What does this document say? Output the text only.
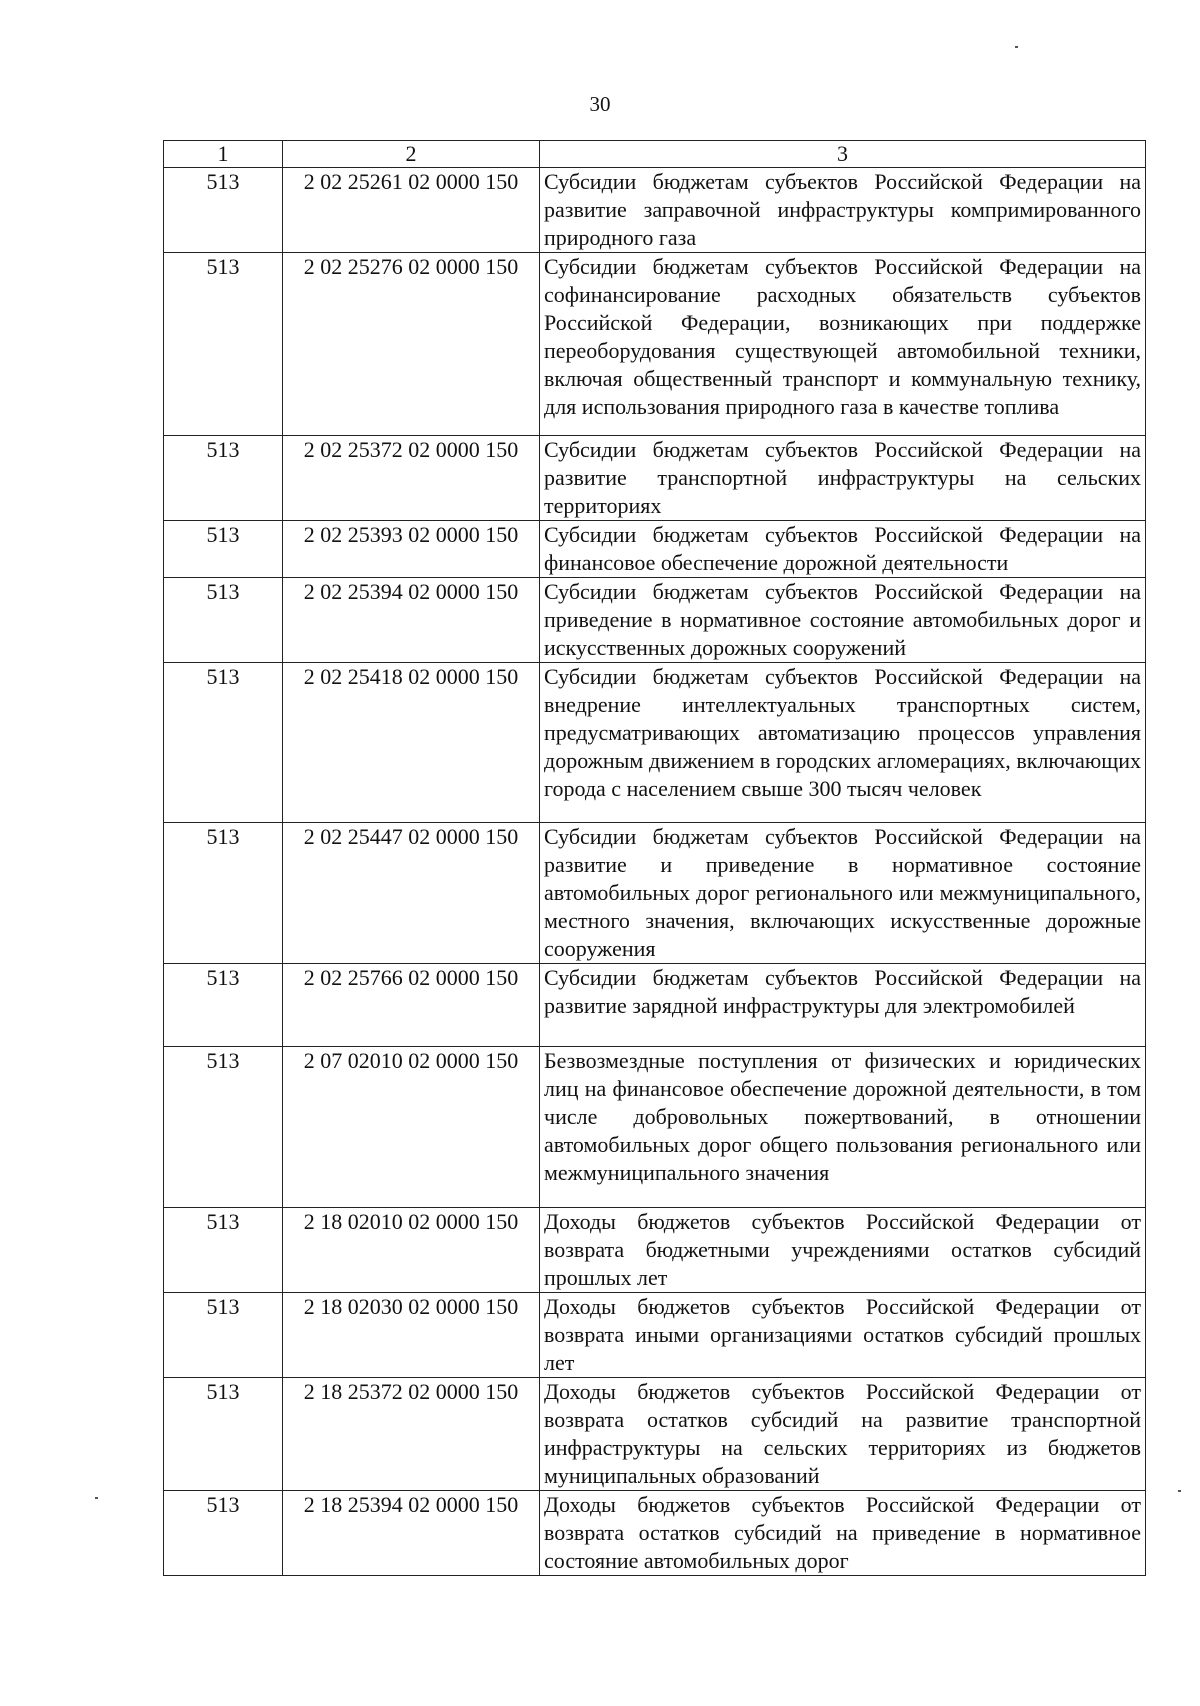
30
1	2	3
513	2 02 25261 02 0000 150	Субсидии бюджетам субъектов Российской Федерации на развитие заправочной инфраструктуры компримированного природного газа
513	2 02 25276 02 0000 150	Субсидии бюджетам субъектов Российской Федерации на софинансирование расходных обязательств субъектов Российской Федерации, возникающих при поддержке переоборудования существующей автомобильной техники, включая общественный транспорт и коммунальную технику, для использования природного газа в качестве топлива
513	2 02 25372 02 0000 150	Субсидии бюджетам субъектов Российской Федерации на развитие транспортной инфраструктуры на сельских территориях
513	2 02 25393 02 0000 150	Субсидии бюджетам субъектов Российской Федерации на финансовое обеспечение дорожной деятельности
513	2 02 25394 02 0000 150	Субсидии бюджетам субъектов Российской Федерации на приведение в нормативное состояние автомобильных дорог и искусственных дорожных сооружений
513	2 02 25418 02 0000 150	Субсидии бюджетам субъектов Российской Федерации на внедрение интеллектуальных транспортных систем, предусматривающих автоматизацию процессов управления дорожным движением в городских агломерациях, включающих города с населением свыше 300 тысяч человек
513	2 02 25447 02 0000 150	Субсидии бюджетам субъектов Российской Федерации на развитие и приведение в нормативное состояние автомобильных дорог регионального или межмуниципального, местного значения, включающих искусственные дорожные сооружения
513	2 02 25766 02 0000 150	Субсидии бюджетам субъектов Российской Федерации на развитие зарядной инфраструктуры для электромобилей
513	2 07 02010 02 0000 150	Безвозмездные поступления от физических и юридических лиц на финансовое обеспечение дорожной деятельности, в том числе добровольных пожертвований, в отношении автомобильных дорог общего пользования регионального или межмуниципального значения
513	2 18 02010 02 0000 150	Доходы бюджетов субъектов Российской Федерации от возврата бюджетными учреждениями остатков субсидий прошлых лет
513	2 18 02030 02 0000 150	Доходы бюджетов субъектов Российской Федерации от возврата иными организациями остатков субсидий прошлых лет
513	2 18 25372 02 0000 150	Доходы бюджетов субъектов Российской Федерации от возврата остатков субсидий на развитие транспортной инфраструктуры на сельских территориях из бюджетов муниципальных образований
513	2 18 25394 02 0000 150	Доходы бюджетов субъектов Российской Федерации от возврата остатков субсидий на приведение в нормативное состояние автомобильных дорог
